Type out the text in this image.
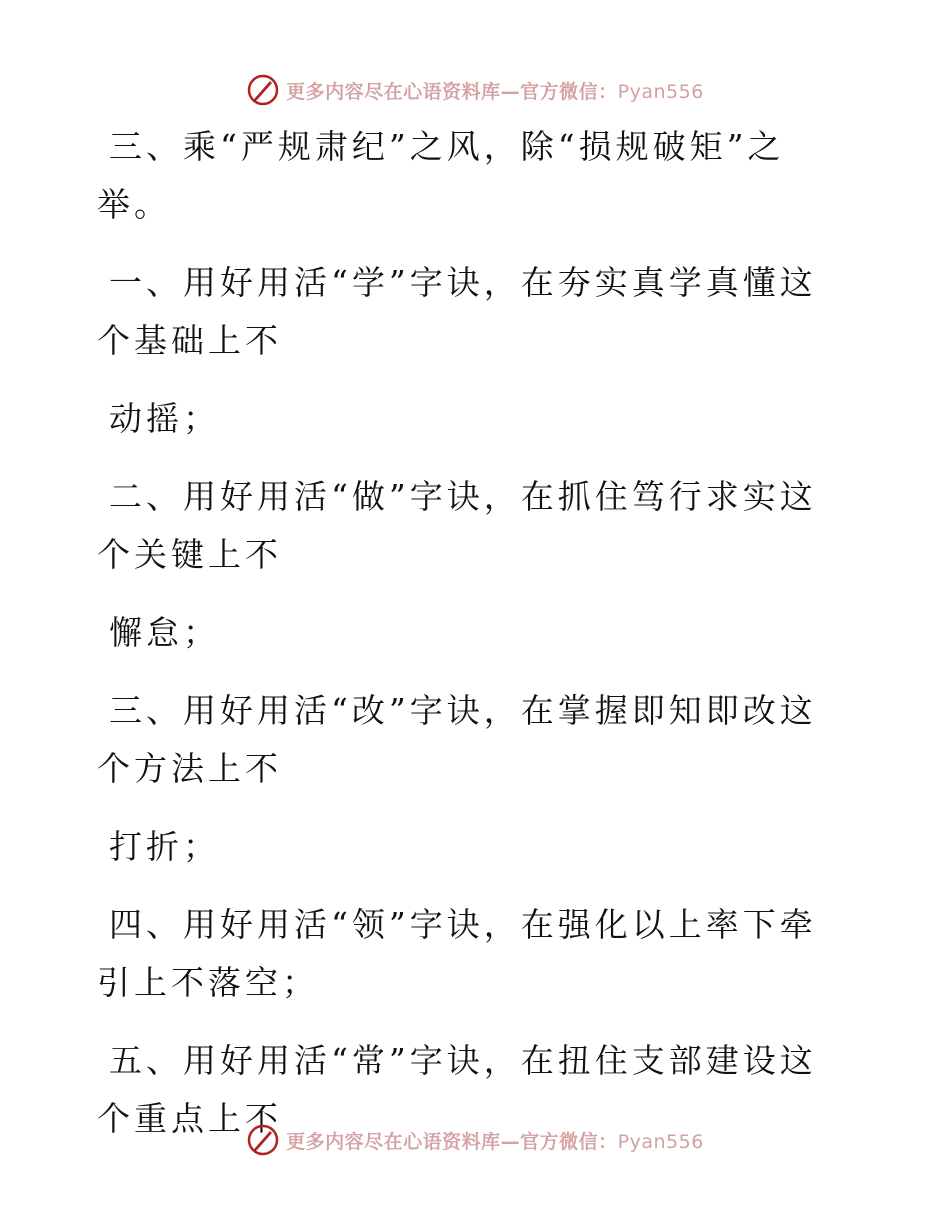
更多内容尽在心语资料库—官方微信：Pyan556

三、乘“严规肃纪”之风，除“损规破矩”之举。

一、用好用活“学”字诀，在夯实真学真懂这个基础上不

动摇；

二、用好用活“做”字诀，在抓住笃行求实这个关键上不

懈怠；

三、用好用活“改”字诀，在掌握即知即改这个方法上不

打折；

四、用好用活“领”字诀，在强化以上率下牵引上不落空；

五、用好用活“常”字诀，在扭住支部建设这个重点上不

更多内容尽在心语资料库—官方微信：Pyan556
